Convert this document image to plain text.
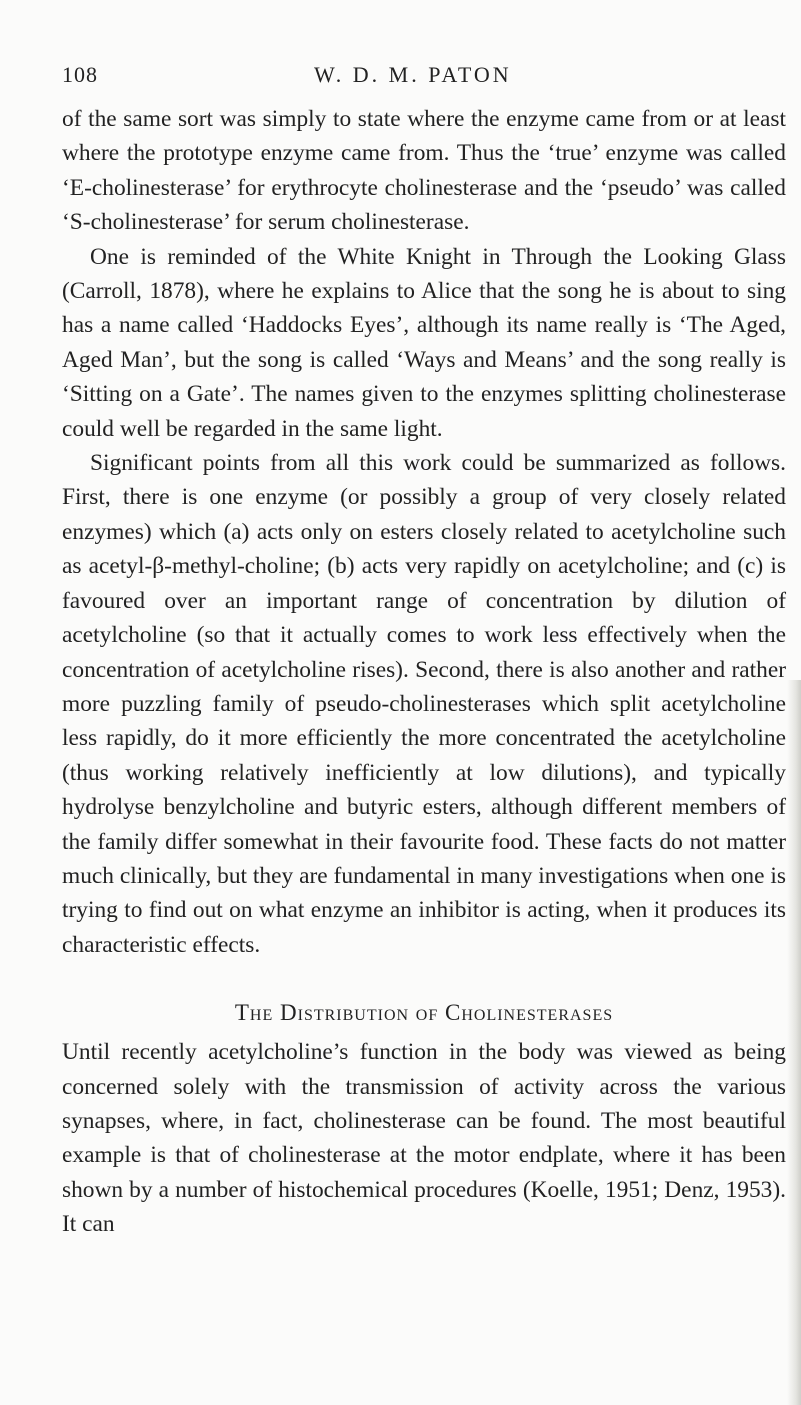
108	W. D. M. PATON

of the same sort was simply to state where the enzyme came from or at least where the prototype enzyme came from. Thus the ‘true’ enzyme was called ‘E-cholinesterase’ for erythrocyte cholinesterase and the ‘pseudo’ was called ‘S-cholinesterase’ for serum cholinesterase.

One is reminded of the White Knight in Through the Looking Glass (Carroll, 1878), where he explains to Alice that the song he is about to sing has a name called ‘Haddocks Eyes’, although its name really is ‘The Aged, Aged Man’, but the song is called ‘Ways and Means’ and the song really is ‘Sitting on a Gate’. The names given to the enzymes splitting cholinesterase could well be regarded in the same light.

Significant points from all this work could be summarized as follows. First, there is one enzyme (or possibly a group of very closely related enzymes) which (a) acts only on esters closely related to acetylcholine such as acetyl-β-methyl-choline; (b) acts very rapidly on acetylcholine; and (c) is favoured over an important range of concentration by dilution of acetylcholine (so that it actually comes to work less effectively when the concentration of acetylcholine rises). Second, there is also another and rather more puzzling family of pseudo-cholinesterases which split acetylcholine less rapidly, do it more efficiently the more concentrated the acetylcholine (thus working relatively inefficiently at low dilutions), and typically hydrolyse benzylcholine and butyric esters, although different members of the family differ somewhat in their favourite food. These facts do not matter much clinically, but they are fundamental in many investigations when one is trying to find out on what enzyme an inhibitor is acting, when it produces its characteristic effects.

The Distribution of Cholinesterases

Until recently acetylcholine’s function in the body was viewed as being concerned solely with the transmission of activity across the various synapses, where, in fact, cholinesterase can be found. The most beautiful example is that of cholinesterase at the motor endplate, where it has been shown by a number of histochemical procedures (Koelle, 1951; Denz, 1953). It can
